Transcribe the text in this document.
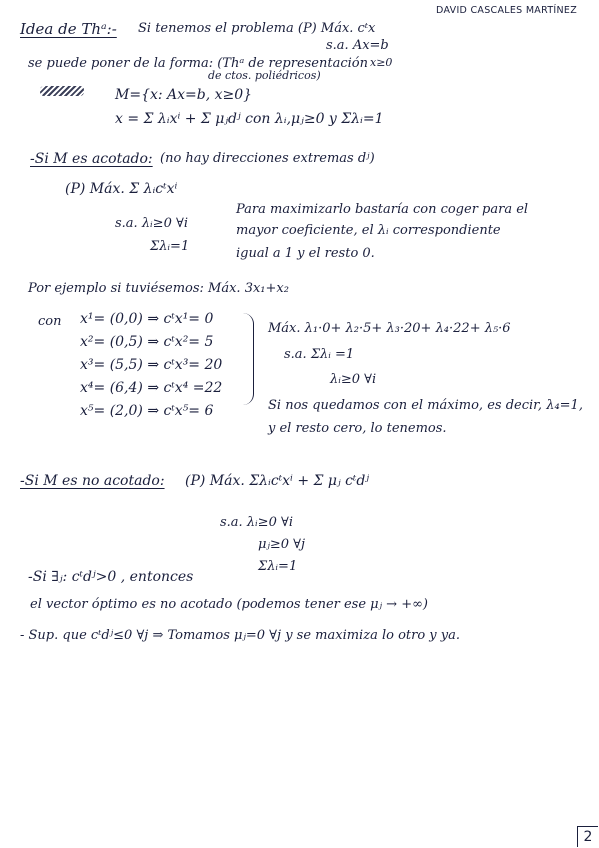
DAVID CASCALES MARTÍNEZ
Idea de Thᵃ:- Si tenemos el problema (P) Máx. cᵗx
s.a. Ax=b
x≥0
se puede poner de la forma: (Thᵃ de representación
de ctos. poliédricos)
M={x: Ax=b, x≥0}
x = Σ λᵢxⁱ + Σ μⱼdʲ con λᵢ,μⱼ≥0 y Σλᵢ=1
-Si M es acotado: (no hay direcciones extremas dʲ)
(P) Máx. Σ λᵢcᵗxⁱ
s.a. λᵢ≥0 ∀i
Σλᵢ=1
Para maximizarlo bastaría con coger para el
mayor coeficiente, el λᵢ correspondiente
igual a 1 y el resto 0.
Por ejemplo si tuviésemos: Máx. 3x₁+x₂
con x¹= (0,0) ⇒ cᵗx¹= 0
x²= (0,5) ⇒ cᵗx²= 5
x³= (5,5) ⇒ cᵗx³= 20
x⁴= (6,4) ⇒ cᵗx⁴ =22
x⁵= (2,0) ⇒ cᵗx⁵= 6
Máx. λ₁·0+ λ₂·5+ λ₃·20+ λ₄·22+ λ₅·6
s.a. Σλᵢ =1
λᵢ≥0 ∀i
Si nos quedamos con el máximo, es decir, λ₄=1,
y el resto cero, lo tenemos.
-Si M es no acotado: (P) Máx. Σλᵢcᵗxⁱ + Σ μⱼ cᵗdʲ
s.a. λᵢ≥0 ∀i
μⱼ≥0 ∀j
Σλᵢ=1
-Si ∃ⱼ: cᵗdʲ>0 , entonces
el vector óptimo es no acotado (podemos tener ese μⱼ → +∞)
- Sup. que cᵗdʲ≤0 ∀j ⇒ Tomamos μⱼ=0 ∀j y se maximiza lo otro y ya.
2
